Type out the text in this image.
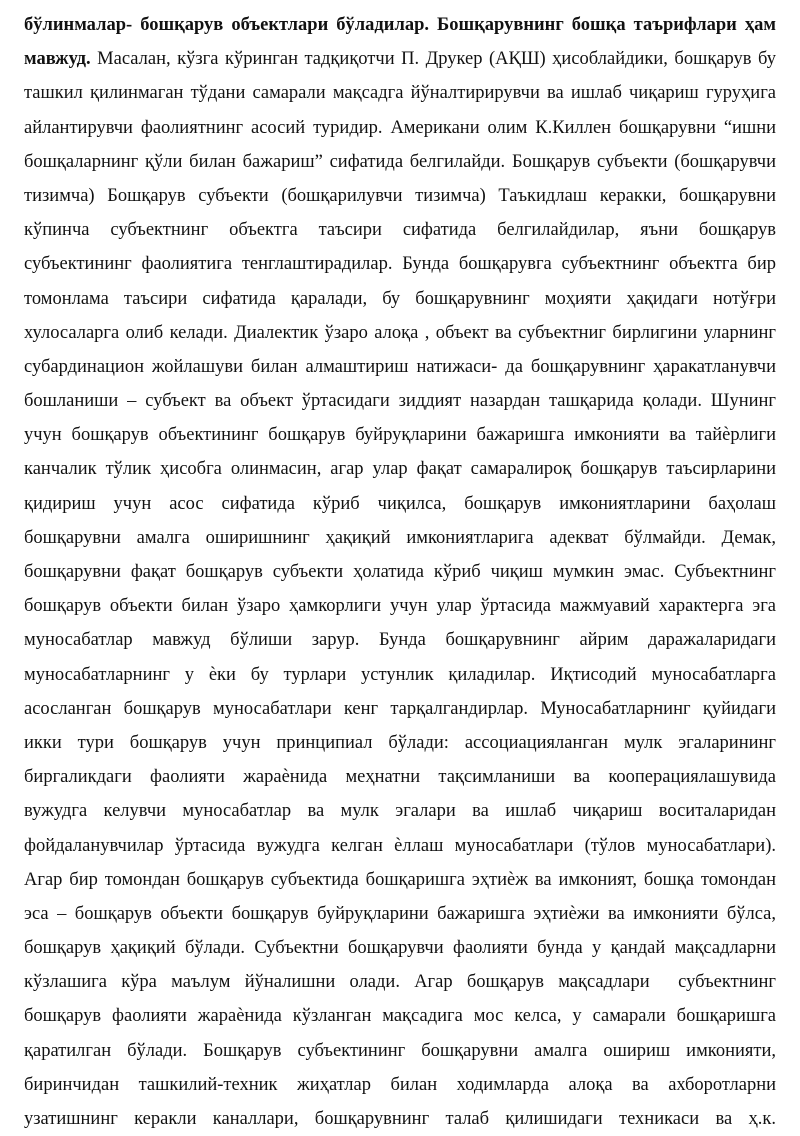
бўлинмалар- бошқарув объектлари бўладилар. Бошқарувнинг бошқа таърифлари ҳам
мавжуд. Масалан, кўзга кўринган тадқиқотчи П. Друкер (АҚШ) ҳисоблайдики, бошқарув бу
ташкил қилинмаган тўдани самарали мақсадга йўналтирирувчи ва ишлаб чиқариш гуруҳига
айлантирувчи фаолиятнинг асосий туридир. Американи олим К.Киллен бошқарувни “ишни
бошқаларнинг қўли билан бажариш” сифатида белгилайди. Бошқарув субъекти (бошқарувчи
тизимча) Бошқарув субъекти (бошқарилувчи тизимча) Таъкидлаш керакки, бошқарувни
кўпинча субъектнинг объектга таъсири сифатида белгилайдилар, яъни бошқарув
субъектининг фаолиятига тенглаштирадилар. Бунда бошқарувга субъектнинг объектга бир
томонлама таъсири сифатида қаралади, бу бошқарувнинг моҳияти ҳақидаги нотўғри
хулосаларга олиб келади. Диалектик ўзаро алоқа , объект ва субъектниг бирлигини уларнинг
субардинацион жойлашуви билан алмаштириш натижаси- да бошқарувнинг ҳаракатланувчи
бошланиши – субъект ва объект ўртасидаги зиддият назардан ташқарида қолади. Шунинг
учун бошқарув объектининг бошқарув буйруқларини бажаришга имконияти ва тайѐрлиги
канчалик тўлик ҳисобга олинмасин, агар улар фақат самаралироқ бошқарув таъсирларини
қидириш учун асос сифатида кўриб чиқилса, бошқарув имкониятларини баҳолаш
бошқарувни амалга оширишнинг ҳақиқий имкониятларига адекват бўлмайди. Демак,
бошқарувни фақат бошқарув субъекти ҳолатида кўриб чиқиш мумкин эмас. Субъектнинг
бошқарув объекти билан ўзаро ҳамкорлиги учун улар ўртасида мажмуавий характерга эга
муносабатлар мавжуд бўлиши зарур. Бунда бошқарувнинг айрим даражаларидаги
муносабатларнинг у ѐки бу турлари устунлик қиладилар. Иқтисодий муносабатларга
асосланган бошқарув муносабатлари кенг тарқалгандирлар. Муносабатларнинг қуйидаги
икки тури бошқарув учун принципиал бўлади: ассоциацияланган мулк эгаларининг
биргаликдаги фаолияти жараѐнида меҳнатни тақсимланиши ва кооперациялашувида
вужудга келувчи муносабатлар ва мулк эгалари ва ишлаб чиқариш воситаларидан
фойдаланувчилар ўртасида вужудга келган ѐллаш муносабатлари (тўлов муносабатлари).
Агар бир томондан бошқарув субъектида бошқаришга эҳтиѐж ва имконият, бошқа томондан
эса – бошқарув объекти бошқарув буйруқларини бажаришга эҳтиѐжи ва имконияти бўлса,
бошқарув ҳақиқий бўлади. Субъектни бошқарувчи фаолияти бунда у қандай мақсадларни
кўзлашига кўра маълум йўналишни олади. Агар бошқарув мақсадлари  субъектнинг
бошқарув фаолияти жараѐнида кўзланган мақсадига мос келса, у самарали бошқаришга
қаратилган бўлади. Бошқарув субъектининг бошқарувни амалга ошириш имконияти,
биринчидан ташкилий-техник жиҳатлар билан ходимларда алоқа ва ахборотларни
узатишнинг керакли каналлари, бошқарувнинг талаб қилишидаги техникаси ва ҳ.к.
